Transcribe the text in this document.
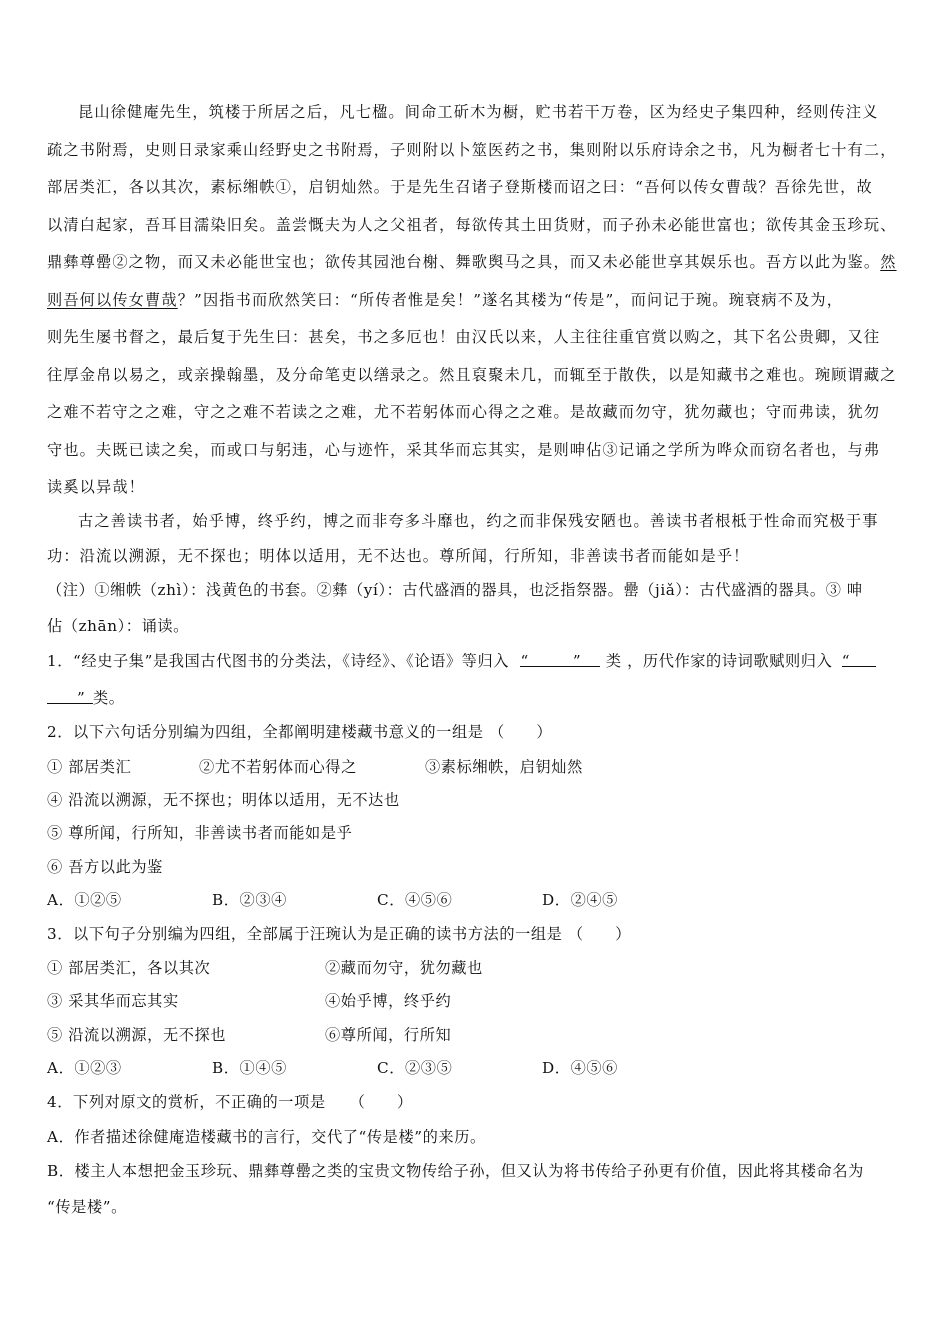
昆山徐健庵先生，筑楼于所居之后，凡七楹。间命工斫木为橱，贮书若干万卷，区为经史子集四种，经则传注义
疏之书附焉，史则日录家乘山经野史之书附焉，子则附以卜筮医药之书，集则附以乐府诗余之书，凡为橱者七十有二，
部居类汇，各以其次，素标缃帙①，启钥灿然。于是先生召诸子登斯楼而诏之曰：“吾何以传女曹哉？吾徐先世，故
以清白起家，吾耳目濡染旧矣。盖尝慨夫为人之父祖者，每欲传其土田货财，而子孙未必能世富也；欲传其金玉珍玩、
鼎彝尊罍②之物，而又未必能世宝也；欲传其园池台榭、舞歌舆马之具，而又未必能世享其娱乐也。吾方以此为鉴。然
则吾何以传女曹哉？”因指书而欣然笑曰：“所传者惟是矣！”遂名其楼为“传是”，而问记于琬。琬衰病不及为，
则先生屡书督之，最后复于先生曰：甚矣，书之多厄也！由汉氏以来，人主往往重官赏以购之，其下名公贵卿，又往
往厚金帛以易之，或亲操翰墨，及分命笔吏以缮录之。然且裒聚未几，而辄至于散佚，以是知藏书之难也。琬顾谓藏之
之难不若守之之难，守之之难不若读之之难，尤不若躬体而心得之之难。是故藏而勿守，犹勿藏也；守而弗读，犹勿
守也。夫既已读之矣，而或口与躬违，心与迹忤，采其华而忘其实，是则呻佔③记诵之学所为哗众而窃名者也，与弗
读奚以异哉！
古之善读书者，始乎博，终乎约，博之而非夸多斗靡也，约之而非保残安陋也。善读书者根柢于性命而究极于事
功：沿流以溯源，无不探也；明体以适用，无不达也。尊所闻，行所知，非善读书者而能如是乎！
（注）①缃帙（zhì）：浅黄色的书套。②彝（yí）：古代盛酒的器具，也泛指祭器。罍（jiǎ）：古代盛酒的器具。③ 呻
佔（zhān）：诵读。
1．“经史子集”是我国古代图书的分类法，《诗经》、《论语》等归入 “	” 类 ，历代作家的诗词歌赋则归入 “
” 类。
2．以下六句话分别编为四组，全都阐明建楼藏书意义的一组是 （　　）
① 部居类汇	②尤不若躬体而心得之	③素标缃帙，启钥灿然
④ 沿流以溯源，无不探也；明体以适用，无不达也
⑤ 尊所闻，行所知，非善读书者而能如是乎
⑥ 吾方以此为鉴
A．①②⑤	B．②③④	C．④⑤⑥	D．②④⑤
3．以下句子分别编为四组，全部属于汪琬认为是正确的读书方法的一组是 （　　）
① 部居类汇，各以其次	②藏而勿守，犹勿藏也
③ 采其华而忘其实	④始乎博，终乎约
⑤ 沿流以溯源，无不探也	⑥尊所闻，行所知
A．①②③	B．①④⑤	C．②③⑤	D．④⑤⑥
4．下列对原文的赏析，不正确的一项是　　（　　）
A．作者描述徐健庵造楼藏书的言行，交代了“传是楼”的来历。
B．楼主人本想把金玉珍玩、鼎彝尊罍之类的宝贵文物传给子孙，但又认为将书传给子孙更有价值，因此将其楼命名为
“传是楼”。
